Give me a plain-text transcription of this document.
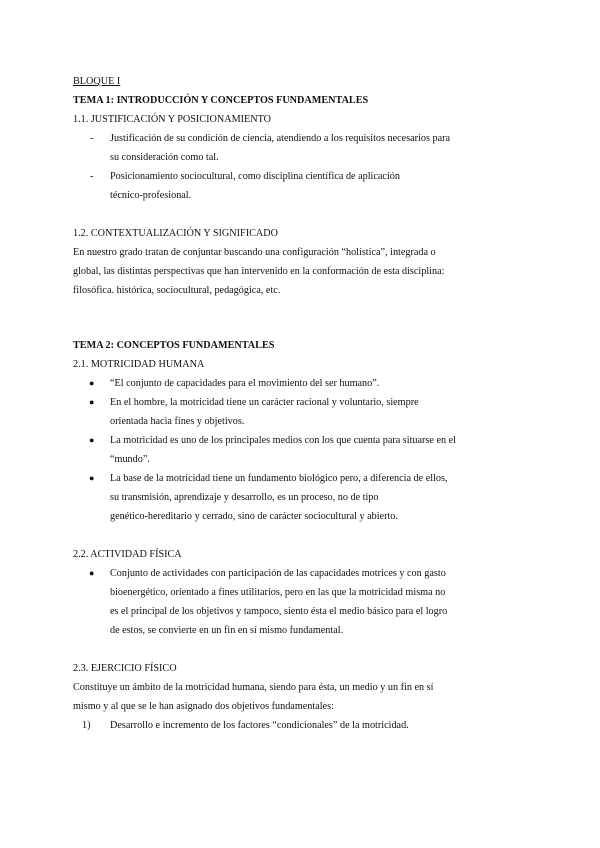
BLOQUE I

TEMA 1: INTRODUCCIÓN Y CONCEPTOS FUNDAMENTALES

1.1. JUSTIFICACIÓN Y POSICIONAMIENTO

- Justificación de su condición de ciencia, atendiendo a los requisitos necesarios para
su consideración como tal.
- Posicionamiento sociocultural, como disciplina científica de aplicación
técnico-profesional.

1.2. CONTEXTUALIZACIÓN Y SIGNIFICADO

En nuestro grado tratan de conjuntar buscando una configuración “holística”, integrada o
global, las distintas perspectivas que han intervenido en la conformación de esta disciplina:
filosófica. histórica, sociocultural, pedagógica, etc.

TEMA 2: CONCEPTOS FUNDAMENTALES

2.1. MOTRICIDAD HUMANA

● “El conjunto de capacidades para el movimiento del ser humano”.
● En el hombre, la motricidad tiene un carácter racional y voluntario, siempre
orientada hacia fines y objetivos.
● La motricidad es uno de los principales medios con los que cuenta para situarse en el
“mundo”.
● La base de la motricidad tiene un fundamento biológico pero, a diferencia de ellos,
su transmisión, aprendizaje y desarrollo, es un proceso, no de tipo
genético-hereditario y cerrado, sino de carácter sociocultural y abierto.

2.2. ACTIVIDAD FÍSICA

● Conjunto de actividades con participación de las capacidades motrices y con gasto
bioenergético, orientado a fines utilitarios, pero en las que la motricidad misma no
es el principal de los objetivos y tampoco, siento ésta el medio básico para el logro
de estos, se convierte en un fin en sí mismo fundamental.

2.3. EJERCICIO FÍSICO

Constituye un ámbito de la motricidad humana, siendo para ésta, un medio y un fin en sí
mismo y al que se le han asignado dos objetivos fundamentales:

1) Desarrollo e incremento de los factores “condicionales” de la motricidad.
